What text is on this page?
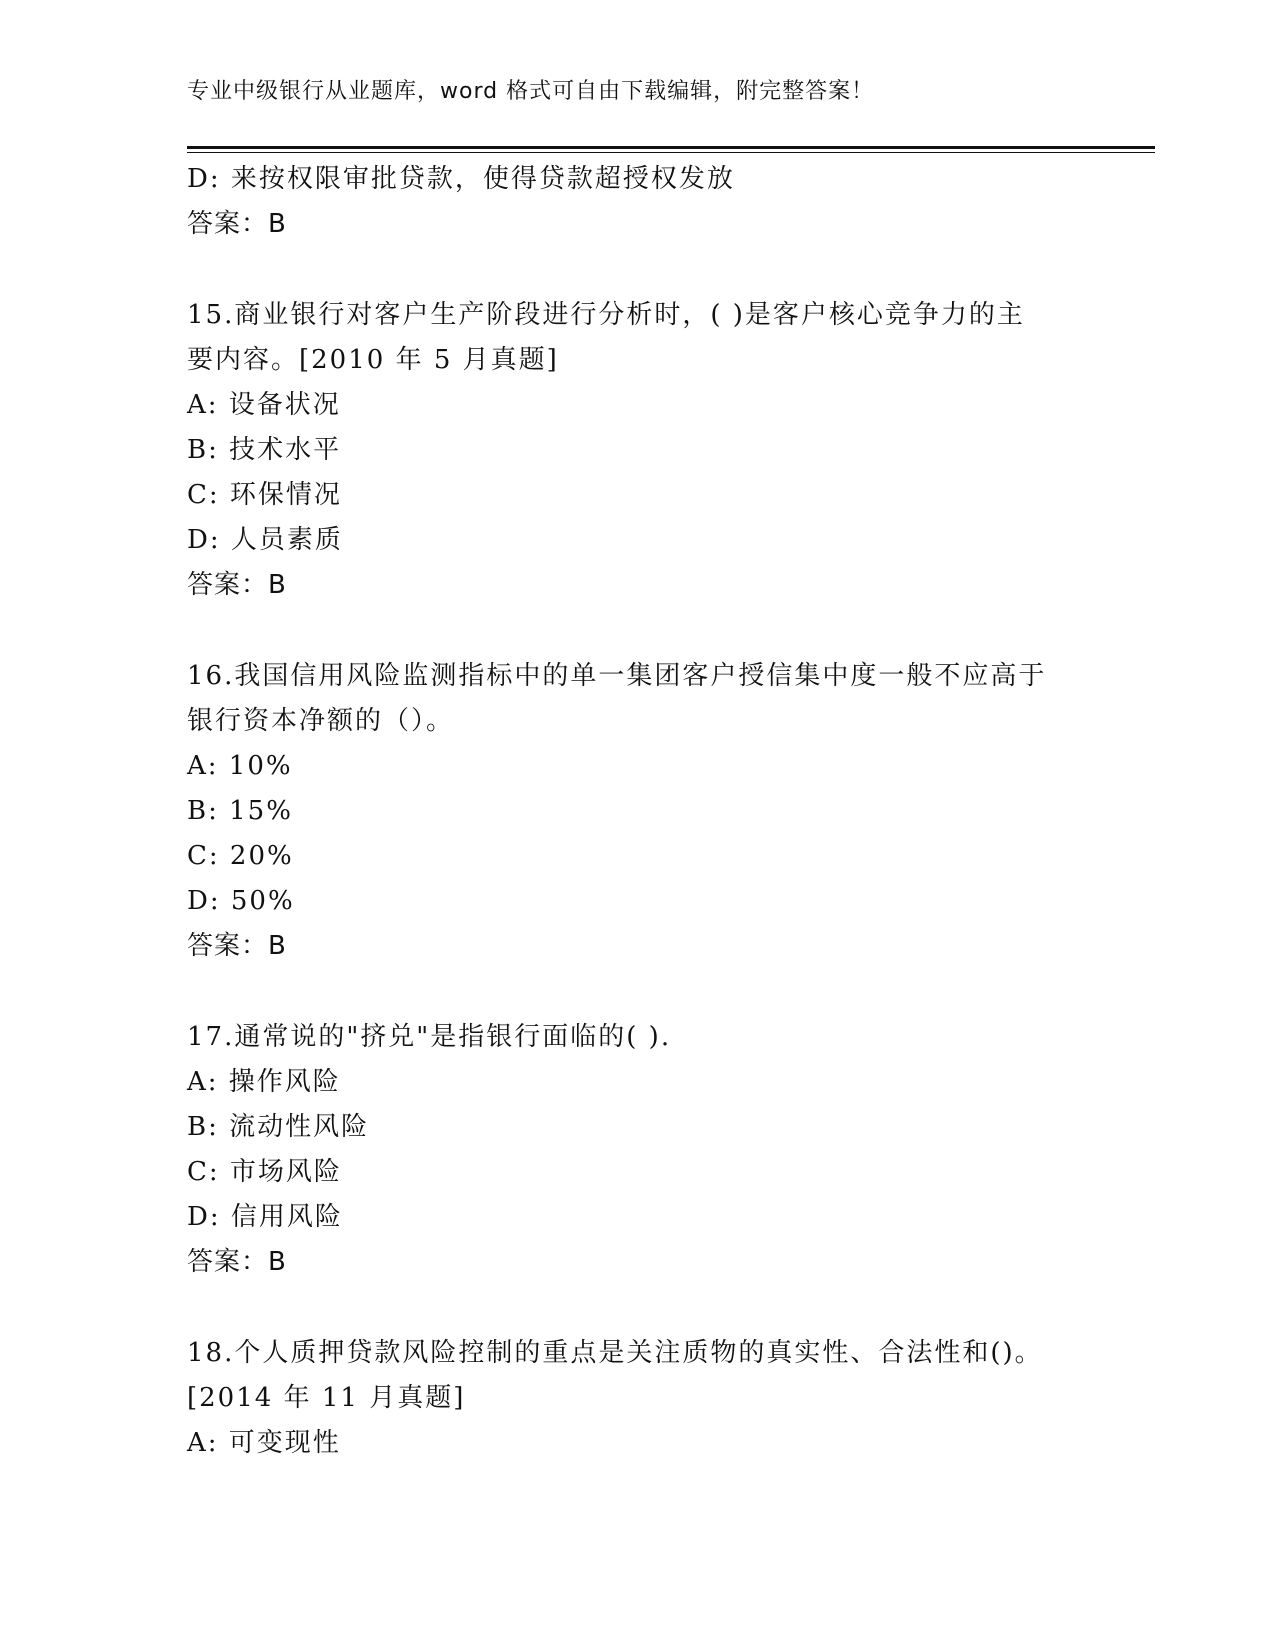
专业中级银行从业题库，word 格式可自由下载编辑，附完整答案！
D: 来按权限审批贷款，使得贷款超授权发放
答案：B
15.商业银行对客户生产阶段进行分析时，( )是客户核心竞争力的主
要内容。[2010 年 5 月真题]
A: 设备状况
B: 技术水平
C: 环保情况
D: 人员素质
答案：B
16.我国信用风险监测指标中的单一集团客户授信集中度一般不应高于
银行资本净额的（）。
A: 10%
B: 15%
C: 20%
D: 50%
答案：B
17.通常说的"挤兑"是指银行面临的( ).
A: 操作风险
B: 流动性风险
C: 市场风险
D: 信用风险
答案：B
18.个人质押贷款风险控制的重点是关注质物的真实性、合法性和()。
[2014 年 11 月真题]
A: 可变现性
